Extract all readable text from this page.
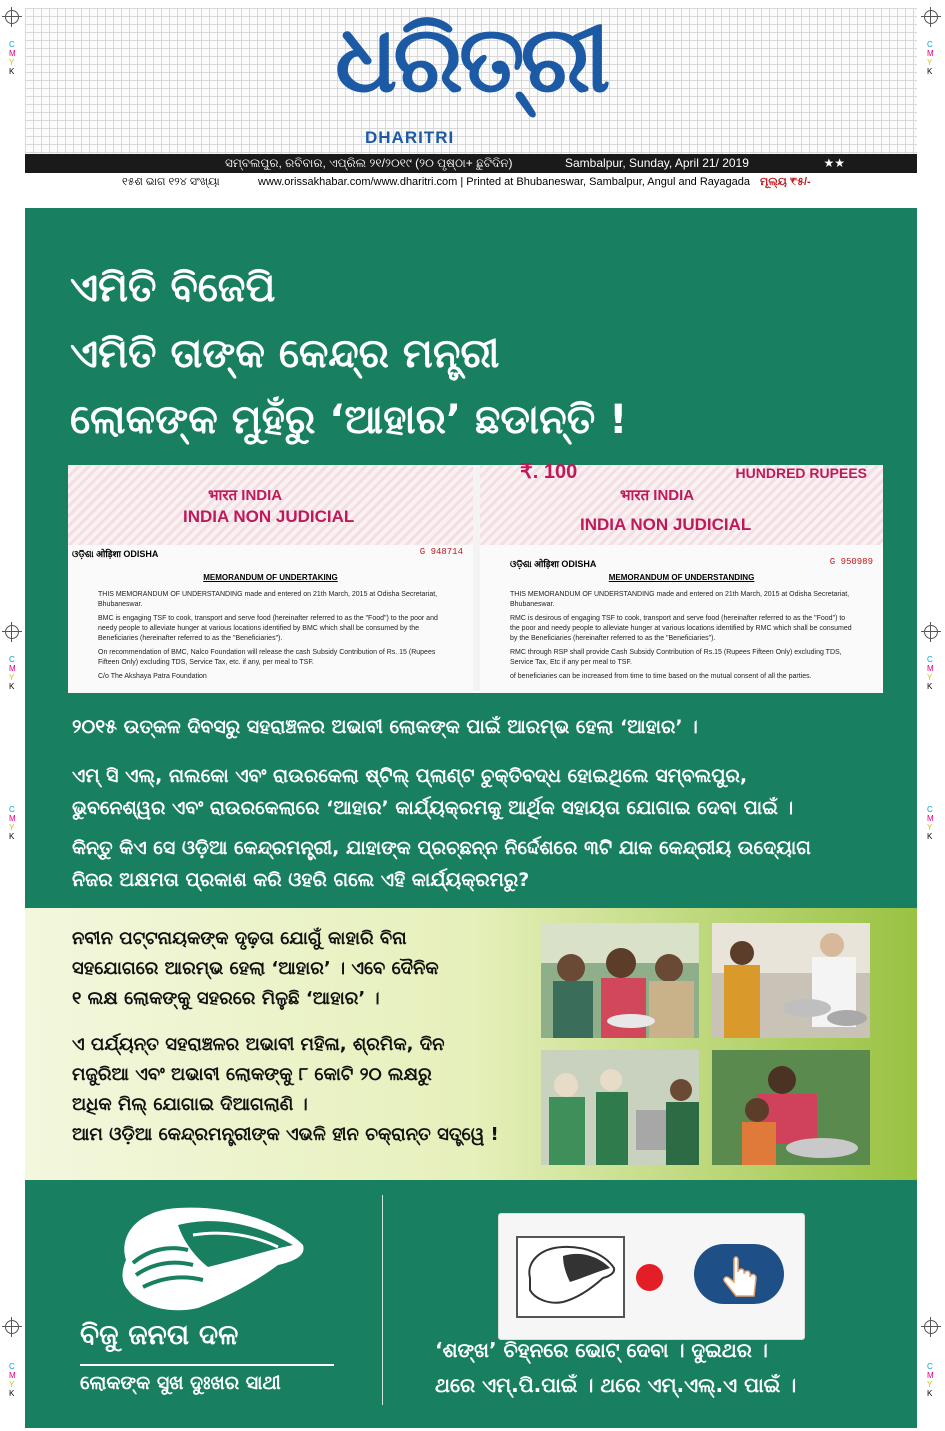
C
M
Y
K
C
M
Y
K
C
M
Y
K
C
M
Y
K
C
M
Y
K
C
M
Y
K
C
M
Y
K
C
M
Y
K
ଧରିତ୍ରୀ
DHARITRI
ସମ୍ବଲପୁର, ରବିବାର, ଏପ୍ରିଲ ୨୧/୨୦୧୯ (୨୦ ପୃଷ୍ଠା+ ଛୁଟିଦିନ)	Sambalpur, Sunday, April 21/ 2019	★★
୧୫ଶ ଭାଗ ୧୨୪ ସଂଖ୍ୟା	www.orissakhabar.com/www.dharitri.com | Printed at Bhubaneswar, Sambalpur, Angul and Rayagada ମୂଲ୍ୟ ₹୫/-
ଏମିତି ବିଜେପି
ଏମିତି ତାଙ୍କ କେନ୍ଦ୍ର ମନ୍ତ୍ରୀ
ଲୋକଙ୍କ ମୁହଁରୁ ‘ଆହାର’ ଛଡାନ୍ତି !
भारत INDIA
INDIA NON JUDICIAL
ଓଡ଼ିଶା ओड़िशा ODISHA	G 948714
MEMORANDUM OF UNDERTAKING

THIS MEMORANDUM OF UNDERSTANDING made and entered on 21th March, 2015 at Odisha Secretariat, Bhubaneswar.

BMC is engaging TSF to cook, transport and serve food (hereinafter referred to as the "Food") to the poor and needy people to alleviate hunger at various locations identified by BMC which shall be consumed by the Beneficiaries (hereinafter referred to as the "Beneficiaries").

On recommendation of BMC, Nalco Foundation will release the cash Subsidy Contribution of Rs. 15 (Rupees Fifteen Only) excluding TDS, Service Tax, etc. if any, per meal to TSF.

C/o The Akshaya Patra Foundation

₹. 100	HUNDRED RUPEES
भारत INDIA
INDIA NON JUDICIAL
ଓଡ଼ିଶା ओड़िशा ODISHA	G 950989
MEMORANDUM OF UNDERSTANDING

THIS MEMORANDUM OF UNDERSTANDING made and entered on 21th March, 2015 at Odisha Secretariat, Bhubaneswar.

RMC is desirous of engaging TSF to cook, transport and serve food (hereinafter referred to as the "Food") to the poor and needy people to alleviate hunger at various locations identified by RMC which shall be consumed by the Beneficiaries (hereinafter referred to as the "Beneficiaries").

RMC through RSP shall provide Cash Subsidy Contribution of Rs.15 (Rupees Fifteen Only) excluding TDS, Service Tax, Etc if any per meal to TSF.

of beneficiaries can be increased from time to time based on the mutual consent of all the parties.

୨୦୧୫ ଉତ୍କଳ ଦିବସରୁ ସହରାଞ୍ଚଳର ଅଭାବୀ ଲୋକଙ୍କ ପାଇଁ ଆରମ୍ଭ ହେଲା ‘ଆହାର’ ।
ଏମ୍ ସି ଏଲ୍, ନାଲକୋ ଏବଂ ରାଉରକେଲା ଷ୍ଟିଲ୍ ପ୍ଲାଣ୍ଟ ଚୁକ୍ତିବଦ୍ଧ ହୋଇଥିଲେ ସମ୍ବଲପୁର,
ଭୁବନେଶ୍ୱର ଏବଂ ରାଉରକେଲାରେ ‘ଆହାର’ କାର୍ଯ୍ୟକ୍ରମକୁ ଆର୍ଥିକ ସହାୟତା ଯୋଗାଇ ଦେବା ପାଇଁ ।
କିନ୍ତୁ କିଏ ସେ ଓଡ଼ିଆ କେନ୍ଦ୍ରମନ୍ତ୍ରୀ, ଯାହାଙ୍କ ପ୍ରଚ୍ଛନ୍ନ ନିର୍ଦ୍ଦେଶରେ ୩ଟି ଯାକ କେନ୍ଦ୍ରୀୟ ଉଦ୍ୟୋଗ
ନିଜର ଅକ୍ଷମତା ପ୍ରକାଶ କରି ଓହରି ଗଲେ ଏହି କାର୍ଯ୍ୟକ୍ରମରୁ?
ନବୀନ ପଟ୍ଟନାୟକଙ୍କ ଦୃଢ଼ତା ଯୋଗୁଁ କାହାରି ବିନା
ସହଯୋଗରେ ଆରମ୍ଭ ହେଲା ‘ଆହାର’ । ଏବେ ଦୈନିକ
୧ ଲକ୍ଷ ଲୋକଙ୍କୁ ସହରରେ ମିଳୁଛି ‘ଆହାର’ ।
ଏ ପର୍ଯ୍ୟନ୍ତ ସହରାଞ୍ଚଳର ଅଭାବୀ ମହିଳା, ଶ୍ରମିକ, ଦିନ
ମଜୁରିଆ ଏବଂ ଅଭାବୀ ଲୋକଙ୍କୁ ୮ କୋଟି ୨୦ ଲକ୍ଷରୁ
ଅଧିକ ମିଲ୍ ଯୋଗାଇ ଦିଆଗଲାଣି ।
ଆମ ଓଡ଼ିଆ କେନ୍ଦ୍ରମନ୍ତ୍ରୀଙ୍କ ଏଭଳି ହୀନ ଚକ୍ରାନ୍ତ ସତ୍ତ୍ୱେ !
ବିଜୁ ଜନତା ଦଳ
ଲୋକଙ୍କ ସୁଖ ଦୁଃଖର ସାଥୀ
‘ଶଙ୍ଖ’ ଚିହ୍ନରେ ଭୋଟ୍ ଦେବା । ଦୁଇଥର ।
ଥରେ ଏମ୍.ପି.ପାଇଁ । ଥରେ ଏମ୍.ଏଲ୍.ଏ ପାଇଁ ।
